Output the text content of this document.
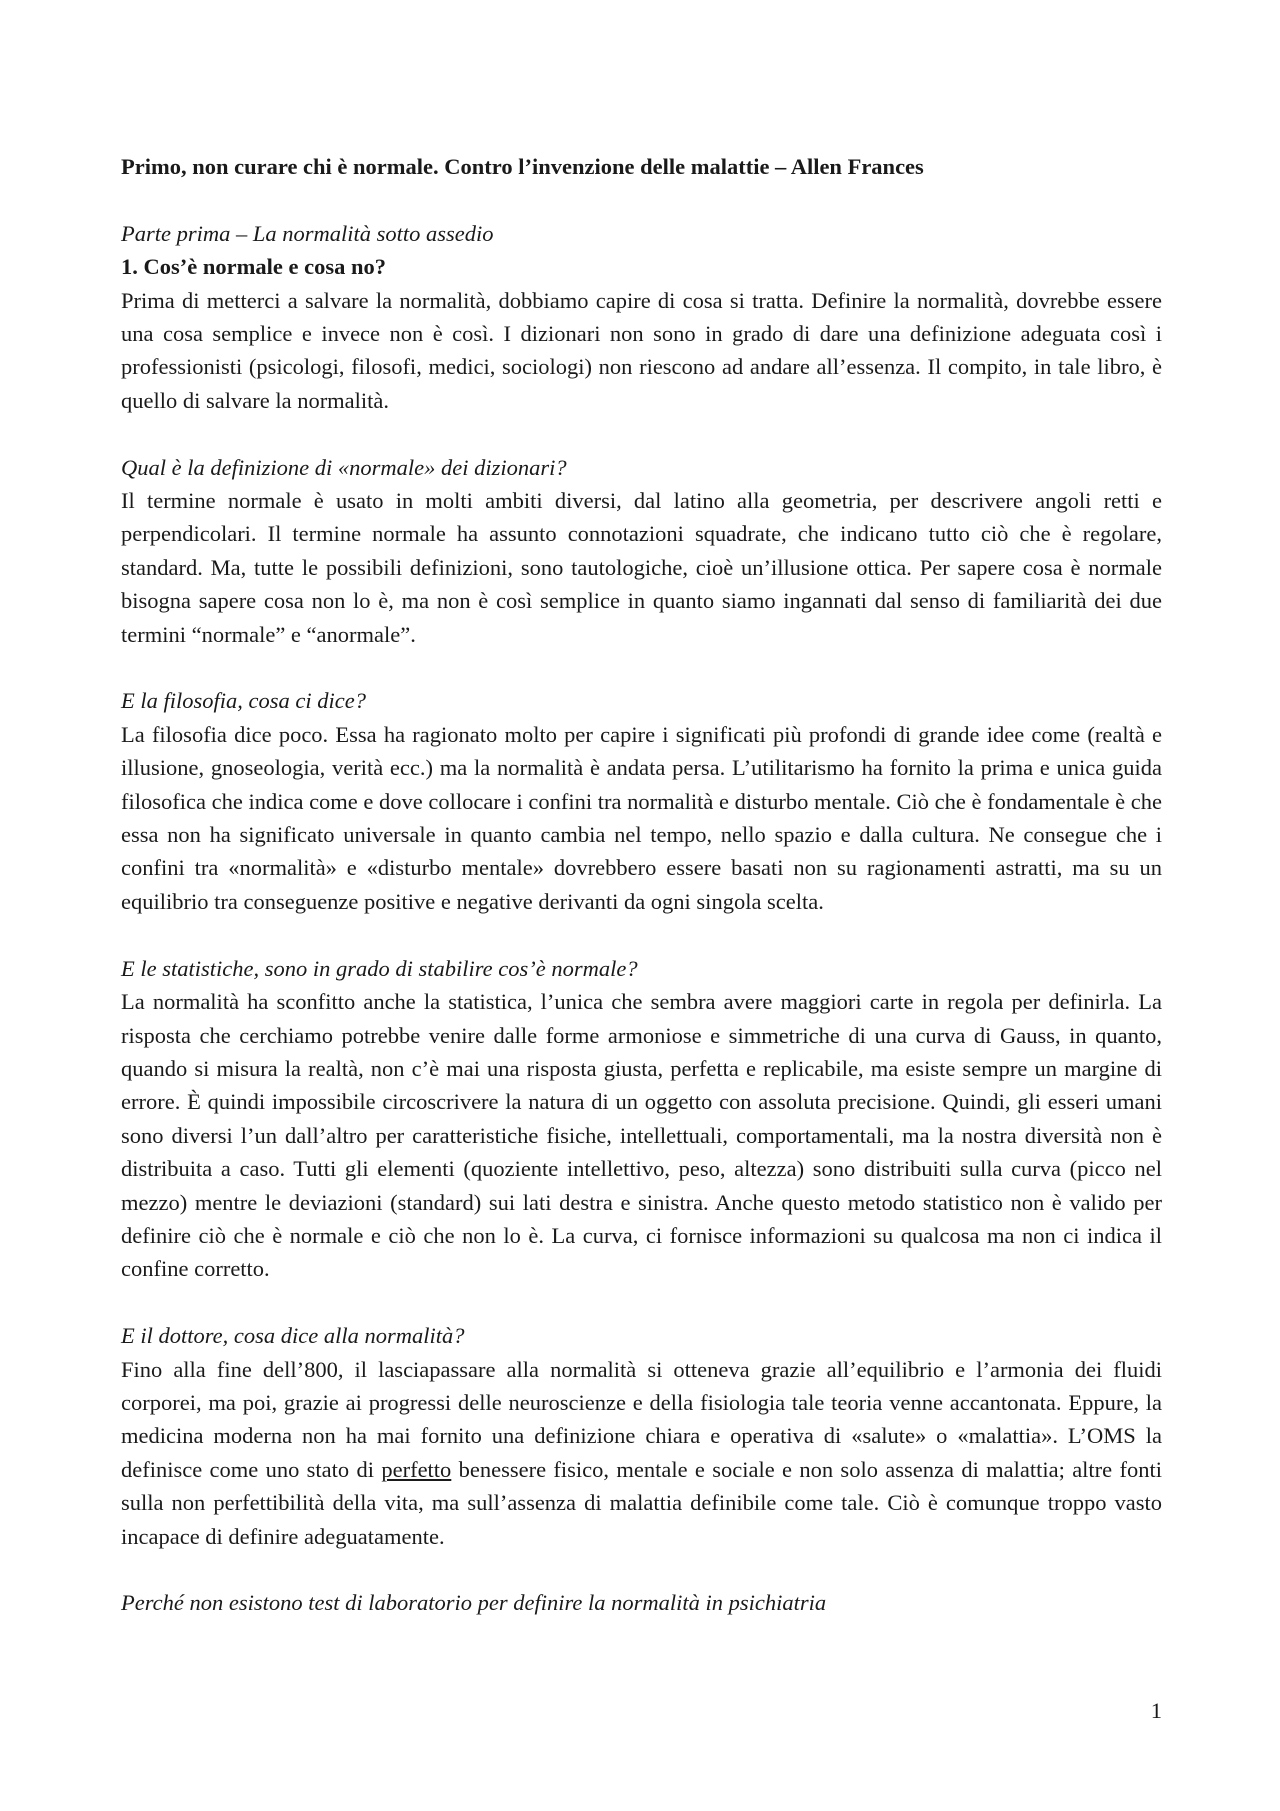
Primo, non curare chi è normale. Contro l’invenzione delle malattie – Allen Frances

Parte prima – La normalità sotto assedio

1. Cos’è normale e cosa no?

Prima di metterci a salvare la normalità, dobbiamo capire di cosa si tratta. Definire la normalità, dovrebbe essere una cosa semplice e invece non è così. I dizionari non sono in grado di dare una definizione adeguata così i professionisti (psicologi, filosofi, medici, sociologi) non riescono ad andare all’essenza. Il compito, in tale libro, è quello di salvare la normalità.

Qual è la definizione di «normale» dei dizionari?

Il termine normale è usato in molti ambiti diversi, dal latino alla geometria, per descrivere angoli retti e perpendicolari. Il termine normale ha assunto connotazioni squadrate, che indicano tutto ciò che è regolare, standard. Ma, tutte le possibili definizioni, sono tautologiche, cioè un’illusione ottica. Per sapere cosa è normale bisogna sapere cosa non lo è, ma non è così semplice in quanto siamo ingannati dal senso di familiarità dei due termini “normale” e “anormale”.

E la filosofia, cosa ci dice?

La filosofia dice poco. Essa ha ragionato molto per capire i significati più profondi di grande idee come (realtà e illusione, gnoseologia, verità ecc.) ma la normalità è andata persa. L’utilitarismo ha fornito la prima e unica guida filosofica che indica come e dove collocare i confini tra normalità e disturbo mentale. Ciò che è fondamentale è che essa non ha significato universale in quanto cambia nel tempo, nello spazio e dalla cultura. Ne consegue che i confini tra «normalità» e «disturbo mentale» dovrebbero essere basati non su ragionamenti astratti, ma su un equilibrio tra conseguenze positive e negative derivanti da ogni singola scelta.

E le statistiche, sono in grado di stabilire cos’è normale?

La normalità ha sconfitto anche la statistica, l’unica che sembra avere maggiori carte in regola per definirla. La risposta che cerchiamo potrebbe venire dalle forme armoniose e simmetriche di una curva di Gauss, in quanto, quando si misura la realtà, non c’è mai una risposta giusta, perfetta e replicabile, ma esiste sempre un margine di errore. È quindi impossibile circoscrivere la natura di un oggetto con assoluta precisione. Quindi, gli esseri umani sono diversi l’un dall’altro per caratteristiche fisiche, intellettuali, comportamentali, ma la nostra diversità non è distribuita a caso. Tutti gli elementi (quoziente intellettivo, peso, altezza) sono distribuiti sulla curva (picco nel mezzo) mentre le deviazioni (standard) sui lati destra e sinistra. Anche questo metodo statistico non è valido per definire ciò che è normale e ciò che non lo è. La curva, ci fornisce informazioni su qualcosa ma non ci indica il confine corretto.

E il dottore, cosa dice alla normalità?

Fino alla fine dell’800, il lasciapassare alla normalità si otteneva grazie all’equilibrio e l’armonia dei fluidi corporei, ma poi, grazie ai progressi delle neuroscienze e della fisiologia tale teoria venne accantonata. Eppure, la medicina moderna non ha mai fornito una definizione chiara e operativa di «salute» o «malattia». L’OMS la definisce come uno stato di perfetto benessere fisico, mentale e sociale e non solo assenza di malattia; altre fonti sulla non perfettibilità della vita, ma sull’assenza di malattia definibile come tale. Ciò è comunque troppo vasto incapace di definire adeguatamente.

Perché non esistono test di laboratorio per definire la normalità in psichiatria

1
